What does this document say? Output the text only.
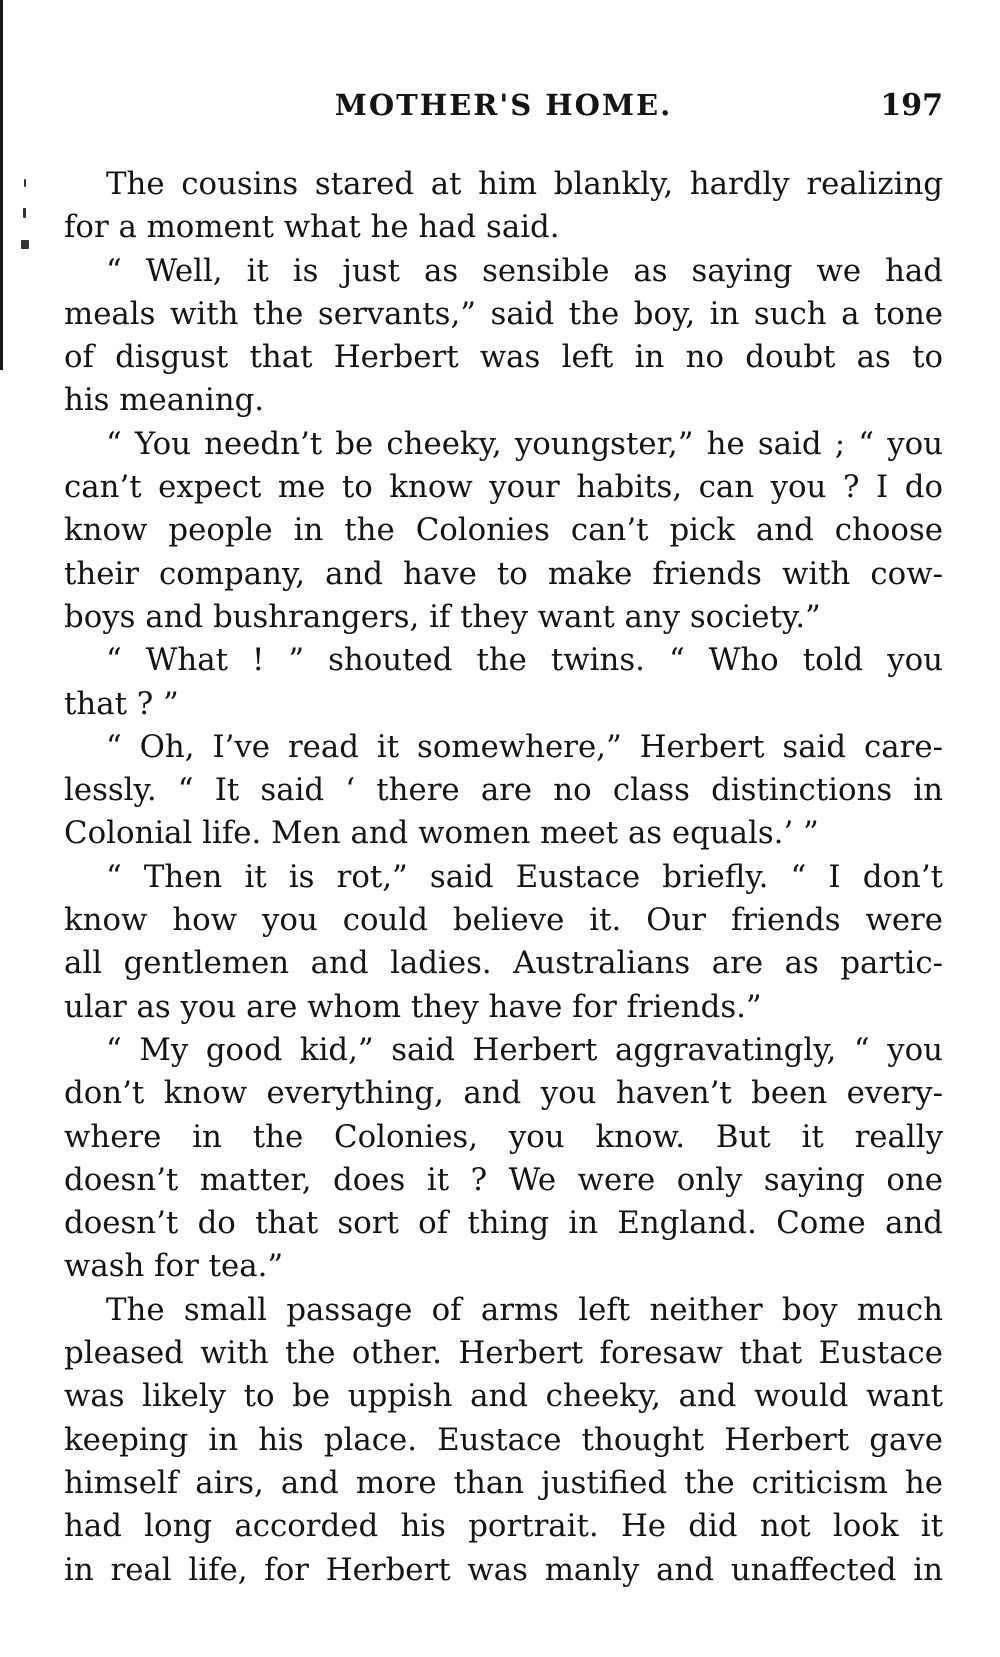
MOTHER'S HOME.	197
The cousins stared at him blankly, hardly realizing
for a moment what he had said.
“ Well, it is just as sensible as saying we had
meals with the servants,” said the boy, in such a tone
of disgust that Herbert was left in no doubt as to
his meaning.
“ You needn’t be cheeky, youngster,” he said ; “ you
can’t expect me to know your habits, can you ? I do
know people in the Colonies can’t pick and choose
their company, and have to make friends with cow-
boys and bushrangers, if they want any society.”
“ What ! ” shouted the twins. “ Who told you
that ? ”
“ Oh, I’ve read it somewhere,” Herbert said care-
lessly. “ It said ‘ there are no class distinctions in
Colonial life. Men and women meet as equals.’ ”
“ Then it is rot,” said Eustace briefly. “ I don’t
know how you could believe it. Our friends were
all gentlemen and ladies. Australians are as partic-
ular as you are whom they have for friends.”
“ My good kid,” said Herbert aggravatingly, “ you
don’t know everything, and you haven’t been every-
where in the Colonies, you know. But it really
doesn’t matter, does it ? We were only saying one
doesn’t do that sort of thing in England. Come and
wash for tea.”
The small passage of arms left neither boy much
pleased with the other. Herbert foresaw that Eustace
was likely to be uppish and cheeky, and would want
keeping in his place. Eustace thought Herbert gave
himself airs, and more than justified the criticism he
had long accorded his portrait. He did not look it
in real life, for Herbert was manly and unaffected in
